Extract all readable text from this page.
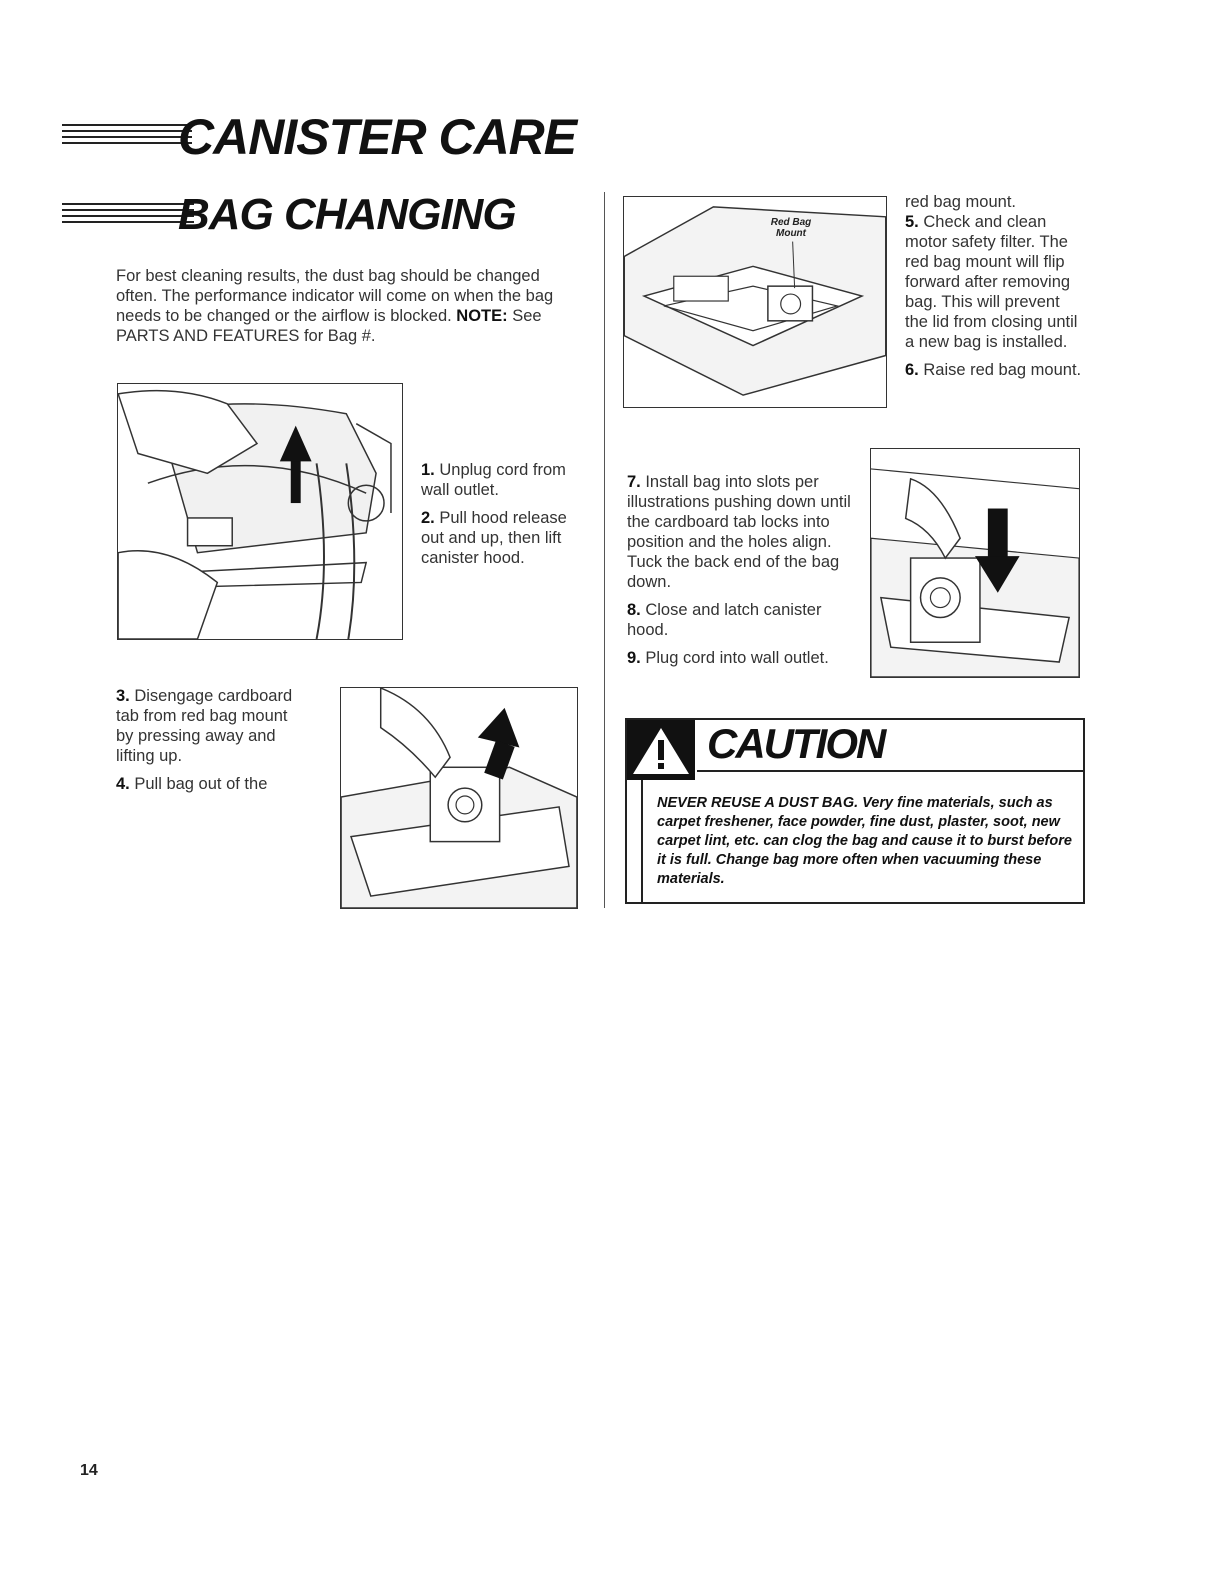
CANISTER CARE
BAG CHANGING
For best cleaning results, the dust bag should be changed often. The performance indicator will come on when the bag needs to be changed or the airflow is blocked. NOTE: See PARTS AND FEATURES for Bag #.

1. Unplug cord from wall outlet.

2. Pull hood release out and up, then lift canister hood.

3. Disengage cardboard tab from red bag mount by pressing away and lifting up.

4. Pull bag out of the

Red Bag Mount

red bag mount.

5. Check and clean motor safety filter. The red bag mount will flip forward after removing bag. This will prevent the lid from closing until a new bag is installed.

6. Raise red bag mount.

7. Install bag into slots per illustrations pushing down until the cardboard tab locks into position and the holes align. Tuck the back end of the bag down.

8. Close and latch canister hood.

9. Plug cord into wall outlet.

CAUTION
NEVER REUSE A DUST BAG. Very fine materials, such as carpet freshener, face powder, fine dust, plaster, soot, new carpet lint, etc. can clog the bag and cause it to burst before it is full. Change bag more often when vacuuming these materials.
14
